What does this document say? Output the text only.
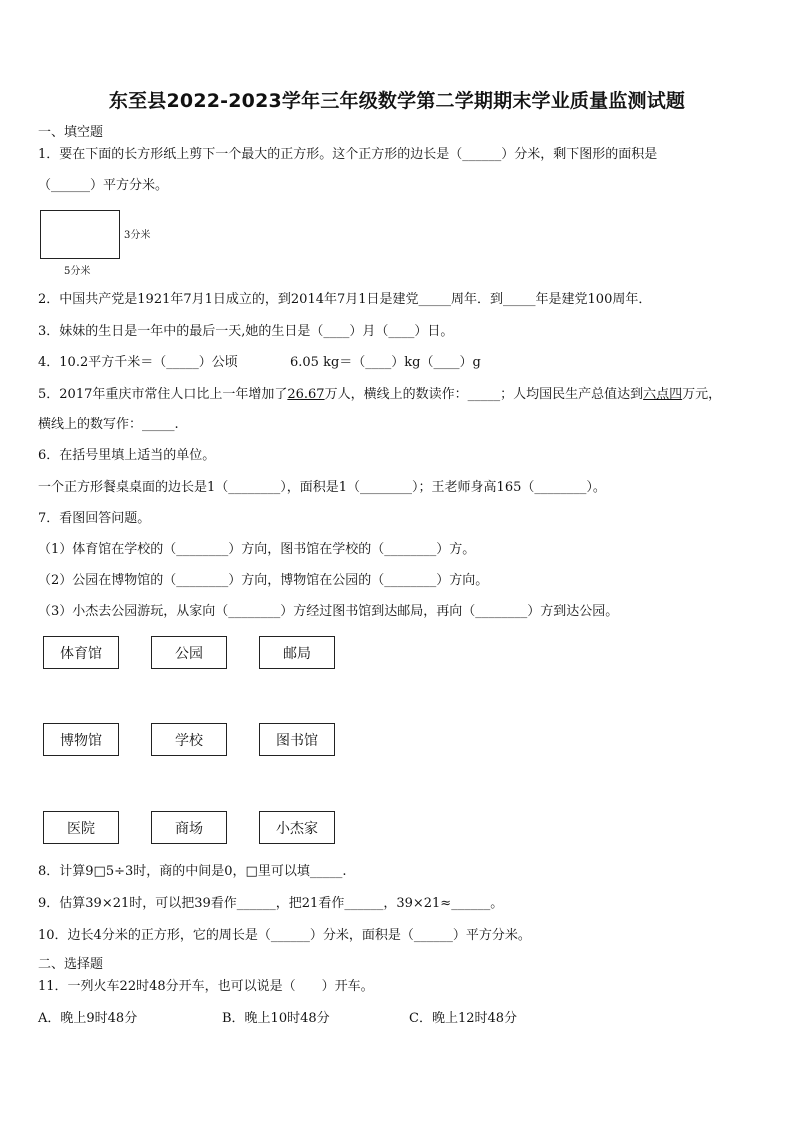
东至县2022-2023学年三年级数学第二学期期末学业质量监测试题
一、填空题
1．要在下面的长方形纸上剪下一个最大的正方形。这个正方形的边长是（______）分米，剩下图形的面积是
（______）平方分米。
3分米
5分米
2．中国共产党是1921年7月1日成立的，到2014年7月1日是建党_____周年．到_____年是建党100周年．
3．妹妹的生日是一年中的最后一天,她的生日是（____）月（____）日。
4．10.2平方千米＝（_____）公顷	6.05 kg＝（____）kg（____）g
5．2017年重庆市常住人口比上一年增加了26.67万人，横线上的数读作：_____；人均国民生产总值达到六点四万元，
横线上的数写作：_____.
6．在括号里填上适当的单位。
一个正方形餐桌桌面的边长是1（________），面积是1（________）；王老师身高165（________）。
7．看图回答问题。
（1）体育馆在学校的（________）方向，图书馆在学校的（________）方。
（2）公园在博物馆的（________）方向，博物馆在公园的（________）方向。
（3）小杰去公园游玩，从家向（________）方经过图书馆到达邮局，再向（________）方到达公园。
体育馆	公园	邮局
博物馆	学校	图书馆
医院	商场	小杰家
8．计算9□5÷3时，商的中间是0，□里可以填_____.
9．估算39×21时，可以把39看作______，把21看作______，39×21≈______。
10．边长4分米的正方形，它的周长是（______）分米，面积是（______）平方分米。
二、选择题
11．一列火车22时48分开车，也可以说是（　　）开车。
A．晚上9时48分	B．晚上10时48分	C．晚上12时48分
